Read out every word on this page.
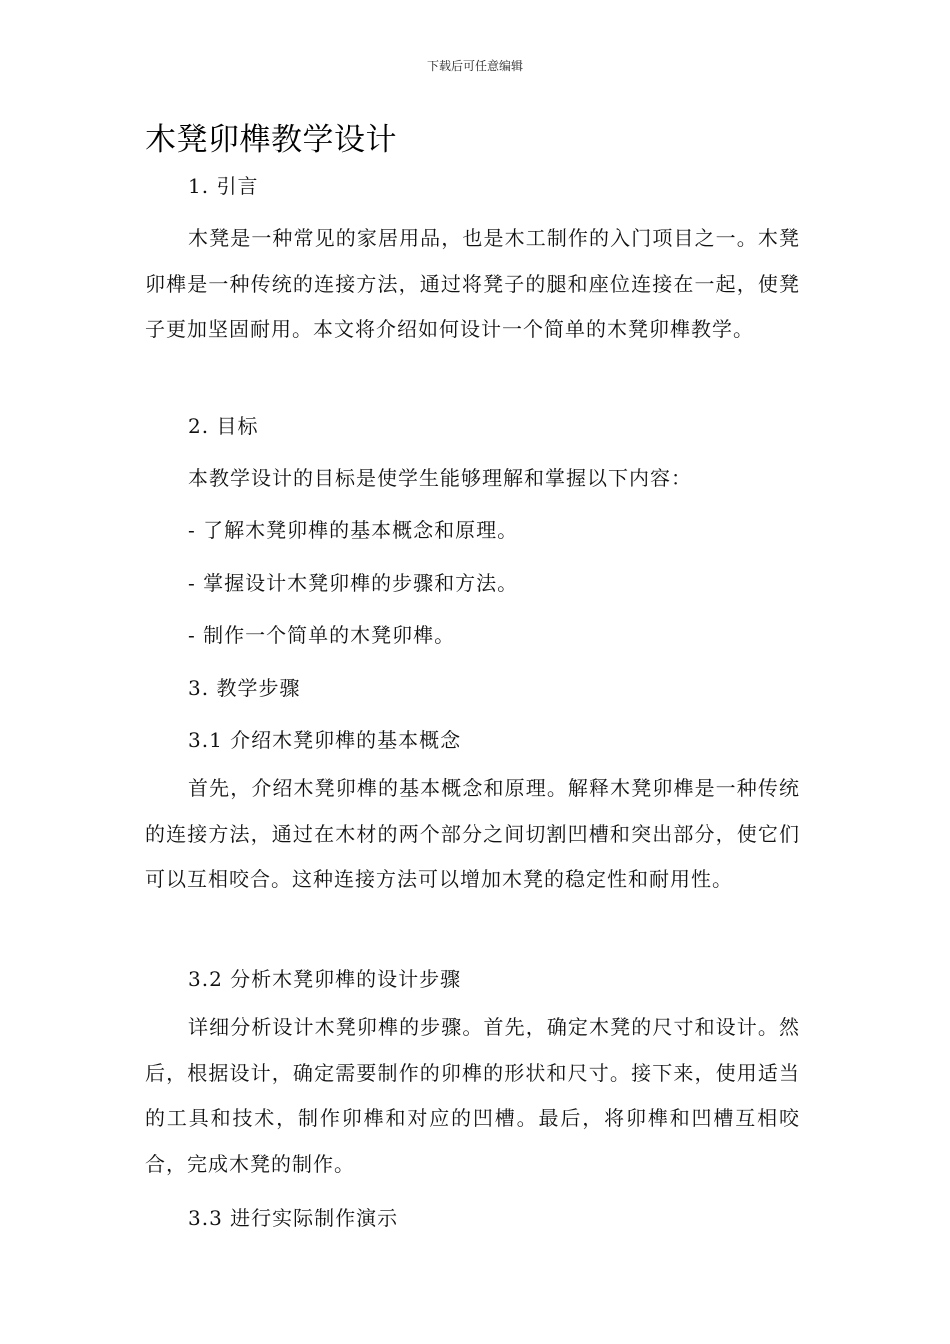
下载后可任意编辑
木凳卯榫教学设计

1. 引言

木凳是一种常见的家居用品，也是木工制作的入门项目之一。木凳卯榫是一种传统的连接方法，通过将凳子的腿和座位连接在一起，使凳子更加坚固耐用。本文将介绍如何设计一个简单的木凳卯榫教学。

2. 目标

本教学设计的目标是使学生能够理解和掌握以下内容：

- 了解木凳卯榫的基本概念和原理。

- 掌握设计木凳卯榫的步骤和方法。

- 制作一个简单的木凳卯榫。

3. 教学步骤

3.1 介绍木凳卯榫的基本概念

首先，介绍木凳卯榫的基本概念和原理。解释木凳卯榫是一种传统的连接方法，通过在木材的两个部分之间切割凹槽和突出部分，使它们可以互相咬合。这种连接方法可以增加木凳的稳定性和耐用性。

3.2 分析木凳卯榫的设计步骤

详细分析设计木凳卯榫的步骤。首先，确定木凳的尺寸和设计。然后，根据设计，确定需要制作的卯榫的形状和尺寸。接下来，使用适当的工具和技术，制作卯榫和对应的凹槽。最后，将卯榫和凹槽互相咬合，完成木凳的制作。

3.3 进行实际制作演示
